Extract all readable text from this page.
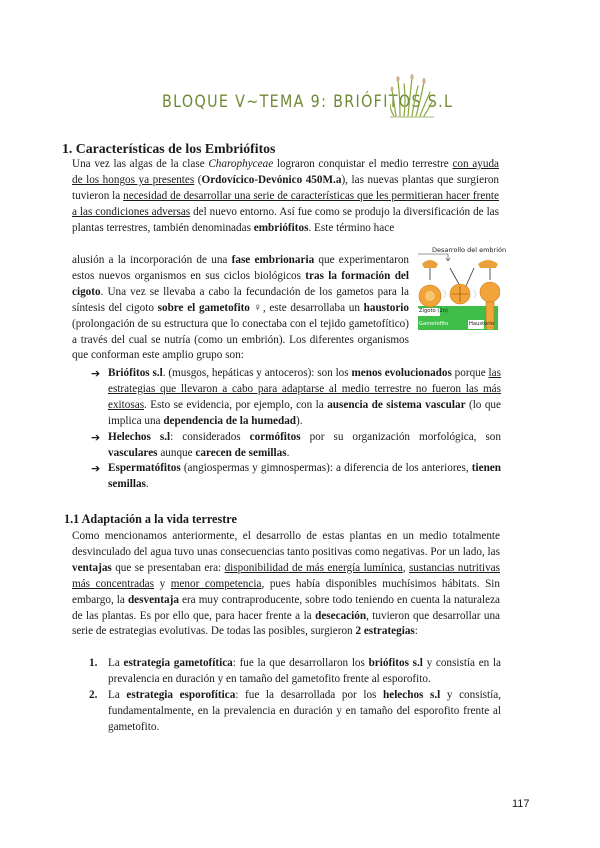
BLOQUE V~TEMA 9: BRIÓFITOS S.L
1. Características de los Embriófitos

Una vez las algas de la clase Charophyceae lograron conquistar el medio terrestre con ayuda de los hongos ya presentes (Ordovícico-Devónico 450M.a), las nuevas plantas que surgieron tuvieron la necesidad de desarrollar una serie de características que les permitieran hacer frente a las condiciones adversas del nuevo entorno. Así fue como se produjo la diversificación de las plantas terrestres, también denominadas embriófitos. Este término hace

alusión a la incorporación de una fase embrionaria que experimentaron estos nuevos organismos en sus ciclos biológicos tras la formación del cigoto. Una vez se llevaba a cabo la fecundación de los gametos para la síntesis del cigoto sobre el gametofito ♀, este desarrollaba un haustorio (prolongación de su estructura que lo conectaba con el tejido gametofítico) a través del cual se nutría (como un embrión). Los diferentes organismos que conforman este amplio grupo son:

Desarrollo del embrión
Zigoto (2n)
Gametofito	Haustorio
➔ Briófitos s.l. (musgos, hepáticas y antoceros): son los menos evolucionados porque las estrategias que llevaron a cabo para adaptarse al medio terrestre no fueron las más exitosas. Esto se evidencia, por ejemplo, con la ausencia de sistema vascular (lo que implica una dependencia de la humedad).
➔ Helechos s.l: considerados cormófitos por su organización morfológica, son vasculares aunque carecen de semillas.
➔ Espermatófitos (angiospermas y gimnospermas): a diferencia de los anteriores, tienen semillas.
1.1 Adaptación a la vida terrestre

Como mencionamos anteriormente, el desarrollo de estas plantas en un medio totalmente desvinculado del agua tuvo unas consecuencias tanto positivas como negativas. Por un lado, las ventajas que se presentaban era: disponibilidad de más energía lumínica, sustancias nutritivas más concentradas y menor competencia, pues había disponibles muchísimos hábitats. Sin embargo, la desventaja era muy contraproducente, sobre todo teniendo en cuenta la naturaleza de las plantas. Es por ello que, para hacer frente a la desecación, tuvieron que desarrollar una serie de estrategias evolutivas. De todas las posibles, surgieron 2 estrategias:

1. La estrategia gametofítica: fue la que desarrollaron los briófitos s.l y consistía en la prevalencia en duración y en tamaño del gametofito frente al esporofito.
2. La estrategia esporofítica: fue la desarrollada por los helechos s.l y consistía, fundamentalmente, en la prevalencia en duración y en tamaño del esporofito frente al gametofito.
117
